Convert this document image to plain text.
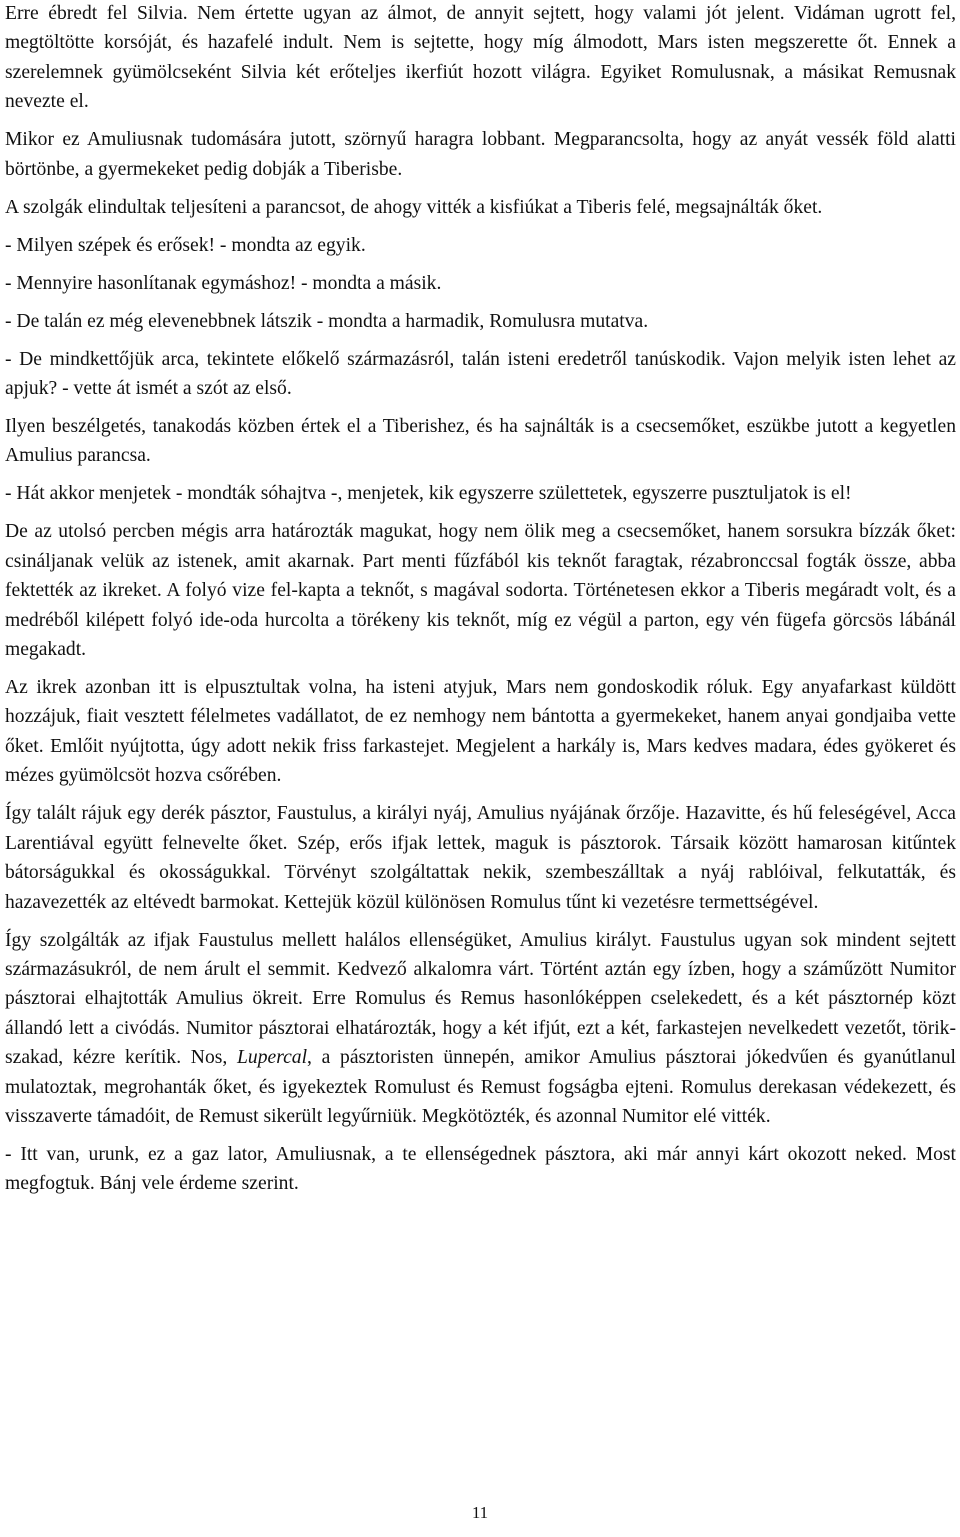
Erre ébredt fel Silvia. Nem értette ugyan az álmot, de annyit sejtett, hogy valami jót jelent. Vidáman ugrott fel, megtöltötte korsóját, és hazafelé indult. Nem is sejtette, hogy míg álmodott, Mars isten megszerette őt. Ennek a szerelemnek gyümölcseként Silvia két erőteljes ikerfiút hozott világra. Egyiket Romulusnak, a másikat Remusnak nevezte el.

Mikor ez Amuliusnak tudomására jutott, szörnyű haragra lobbant. Megparancsolta, hogy az anyát vessék föld alatti börtönbe, a gyermekeket pedig dobják a Tiberisbe.

A szolgák elindultak teljesíteni a parancsot, de ahogy vitték a kisfiúkat a Tiberis felé, megsajnálták őket.

- Milyen szépek és erősek! - mondta az egyik.

- Mennyire hasonlítanak egymáshoz! - mondta a másik.

- De talán ez még elevenebbnek látszik - mondta a harmadik, Romulusra mutatva.

- De mindkettőjük arca, tekintete előkelő származásról, talán isteni eredetről tanúskodik. Vajon melyik isten lehet az apjuk? - vette át ismét a szót az első.

Ilyen beszélgetés, tanakodás közben értek el a Tiberishez, és ha sajnálták is a csecsemőket, eszükbe jutott a kegyetlen Amulius parancsa.

- Hát akkor menjetek - mondták sóhajtva -, menjetek, kik egyszerre születtetek, egyszerre pusztuljatok is el!

De az utolsó percben mégis arra határozták magukat, hogy nem ölik meg a csecsemőket, hanem sorsukra bízzák őket: csináljanak velük az istenek, amit akarnak. Part menti fűzfából kis teknőt faragtak, rézabronccsal fogták össze, abba fektették az ikreket. A folyó vize fel-kapta a teknőt, s magával sodorta. Történetesen ekkor a Tiberis megáradt volt, és a medréből kilépett folyó ide-oda hurcolta a törékeny kis teknőt, míg ez végül a parton, egy vén fügefa görcsös lábánál megakadt.

Az ikrek azonban itt is elpusztultak volna, ha isteni atyjuk, Mars nem gondoskodik róluk. Egy anyafarkast küldött hozzájuk, fiait vesztett félelmetes vadállatot, de ez nemhogy nem bántotta a gyermekeket, hanem anyai gondjaiba vette őket. Emlőit nyújtotta, úgy adott nekik friss farkastejet. Megjelent a harkály is, Mars kedves madara, édes gyökeret és mézes gyümölcsöt hozva csőrében.

Így talált rájuk egy derék pásztor, Faustulus, a királyi nyáj, Amulius nyájának őrzője. Hazavitte, és hű feleségével, Acca Larentiával együtt felnevelte őket. Szép, erős ifjak lettek, maguk is pásztorok. Társaik között hamarosan kitűntek bátorságukkal és okosságukkal. Törvényt szolgáltattak nekik, szembeszálltak a nyáj rablóival, felkutatták, és hazavezették az eltévedt barmokat. Kettejük közül különösen Romulus tűnt ki vezetésre termettségével.

Így szolgálták az ifjak Faustulus mellett halálos ellenségüket, Amulius királyt. Faustulus ugyan sok mindent sejtett származásukról, de nem árult el semmit. Kedvező alkalomra várt. Történt aztán egy ízben, hogy a száműzött Numitor pásztorai elhajtották Amulius ökreit. Erre Romulus és Remus hasonlóképpen cselekedett, és a két pásztornép közt állandó lett a civódás. Numitor pásztorai elhatározták, hogy a két ifjút, ezt a két, farkastejen nevelkedett vezetőt, törik-szakad, kézre kerítik. Nos, Lupercal, a pásztoristen ünnepén, amikor Amulius pásztorai jókedvűen és gyanútlanul mulatoztak, megrohanták őket, és igyekeztek Romulust és Remust fogságba ejteni. Romulus derekasan védekezett, és visszaverte támadóit, de Remust sikerült legyűrniük. Megkötözték, és azonnal Numitor elé vitték.

- Itt van, urunk, ez a gaz lator, Amuliusnak, a te ellenségednek pásztora, aki már annyi kárt okozott neked. Most megfogtuk. Bánj vele érdeme szerint.

11
